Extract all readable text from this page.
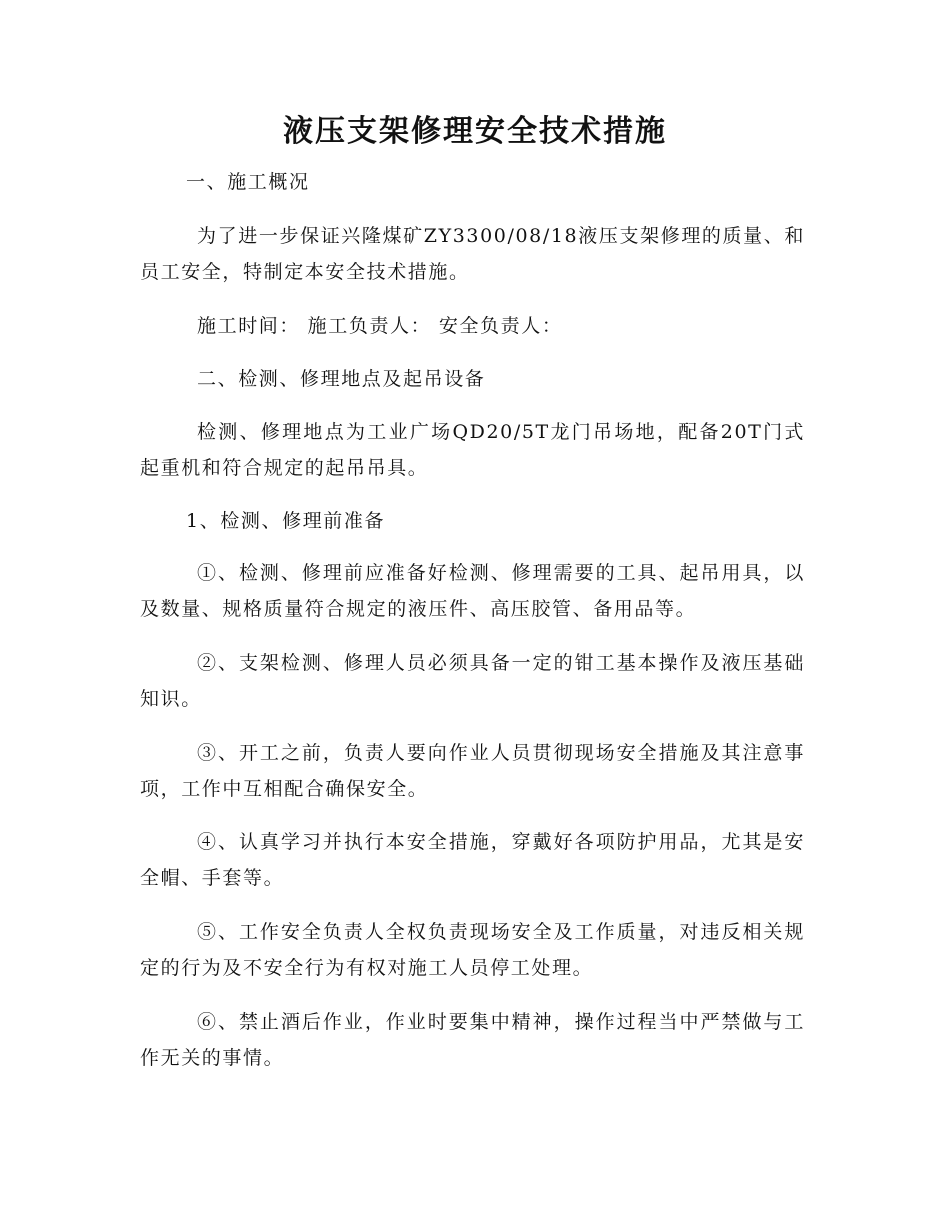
液压支架修理安全技术措施

一、施工概况

为了进一步保证兴隆煤矿ZY3300/08/18液压支架修理的质量、和员工安全，特制定本安全技术措施。

施工时间： 施工负责人： 安全负责人：

二、检测、修理地点及起吊设备

检测、修理地点为工业广场QD20/5T龙门吊场地，配备20T门式起重机和符合规定的起吊吊具。

1、检测、修理前准备

①、检测、修理前应准备好检测、修理需要的工具、起吊用具，以及数量、规格质量符合规定的液压件、高压胶管、备用品等。

②、支架检测、修理人员必须具备一定的钳工基本操作及液压基础知识。

③、开工之前，负责人要向作业人员贯彻现场安全措施及其注意事项，工作中互相配合确保安全。

④、认真学习并执行本安全措施，穿戴好各项防护用品，尤其是安全帽、手套等。

⑤、工作安全负责人全权负责现场安全及工作质量，对违反相关规定的行为及不安全行为有权对施工人员停工处理。

⑥、禁止酒后作业，作业时要集中精神，操作过程当中严禁做与工作无关的事情。
